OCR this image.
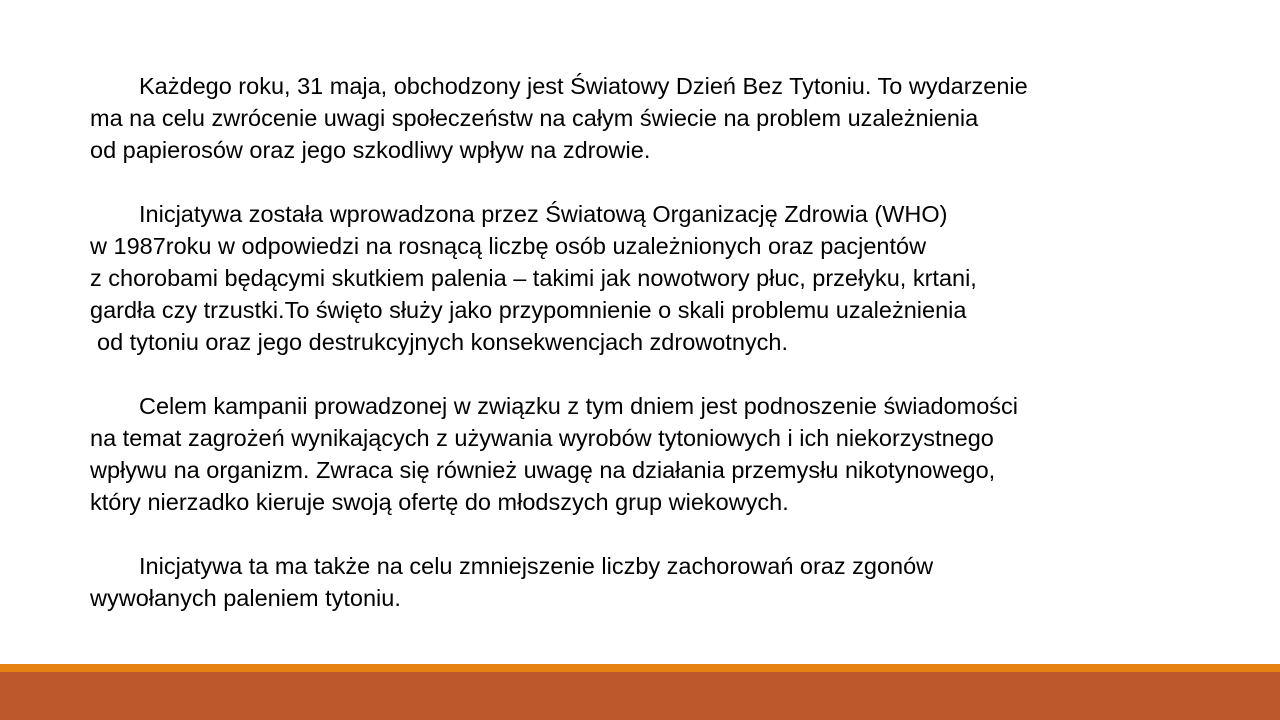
Każdego roku, 31 maja, obchodzony jest Światowy Dzień Bez Tytoniu. To wydarzenie
ma na celu zwrócenie uwagi społeczeństw na całym świecie na problem uzależnienia
od papierosów oraz jego szkodliwy wpływ na zdrowie.
Inicjatywa została wprowadzona przez Światową Organizację Zdrowia (WHO)
w 1987roku w odpowiedzi na rosnącą liczbę osób uzależnionych oraz pacjentów
z chorobami będącymi skutkiem palenia – takimi jak nowotwory płuc, przełyku, krtani,
gardła czy trzustki.To święto służy jako przypomnienie o skali problemu uzależnienia
od tytoniu oraz jego destrukcyjnych konsekwencjach zdrowotnych.
Celem kampanii prowadzonej w związku z tym dniem jest podnoszenie świadomości
na temat zagrożeń wynikających z używania wyrobów tytoniowych i ich niekorzystnego
wpływu na organizm. Zwraca się również uwagę na działania przemysłu nikotynowego,
który nierzadko kieruje swoją ofertę do młodszych grup wiekowych.
Inicjatywa ta ma także na celu zmniejszenie liczby zachorowań oraz zgonów
wywołanych paleniem tytoniu.
